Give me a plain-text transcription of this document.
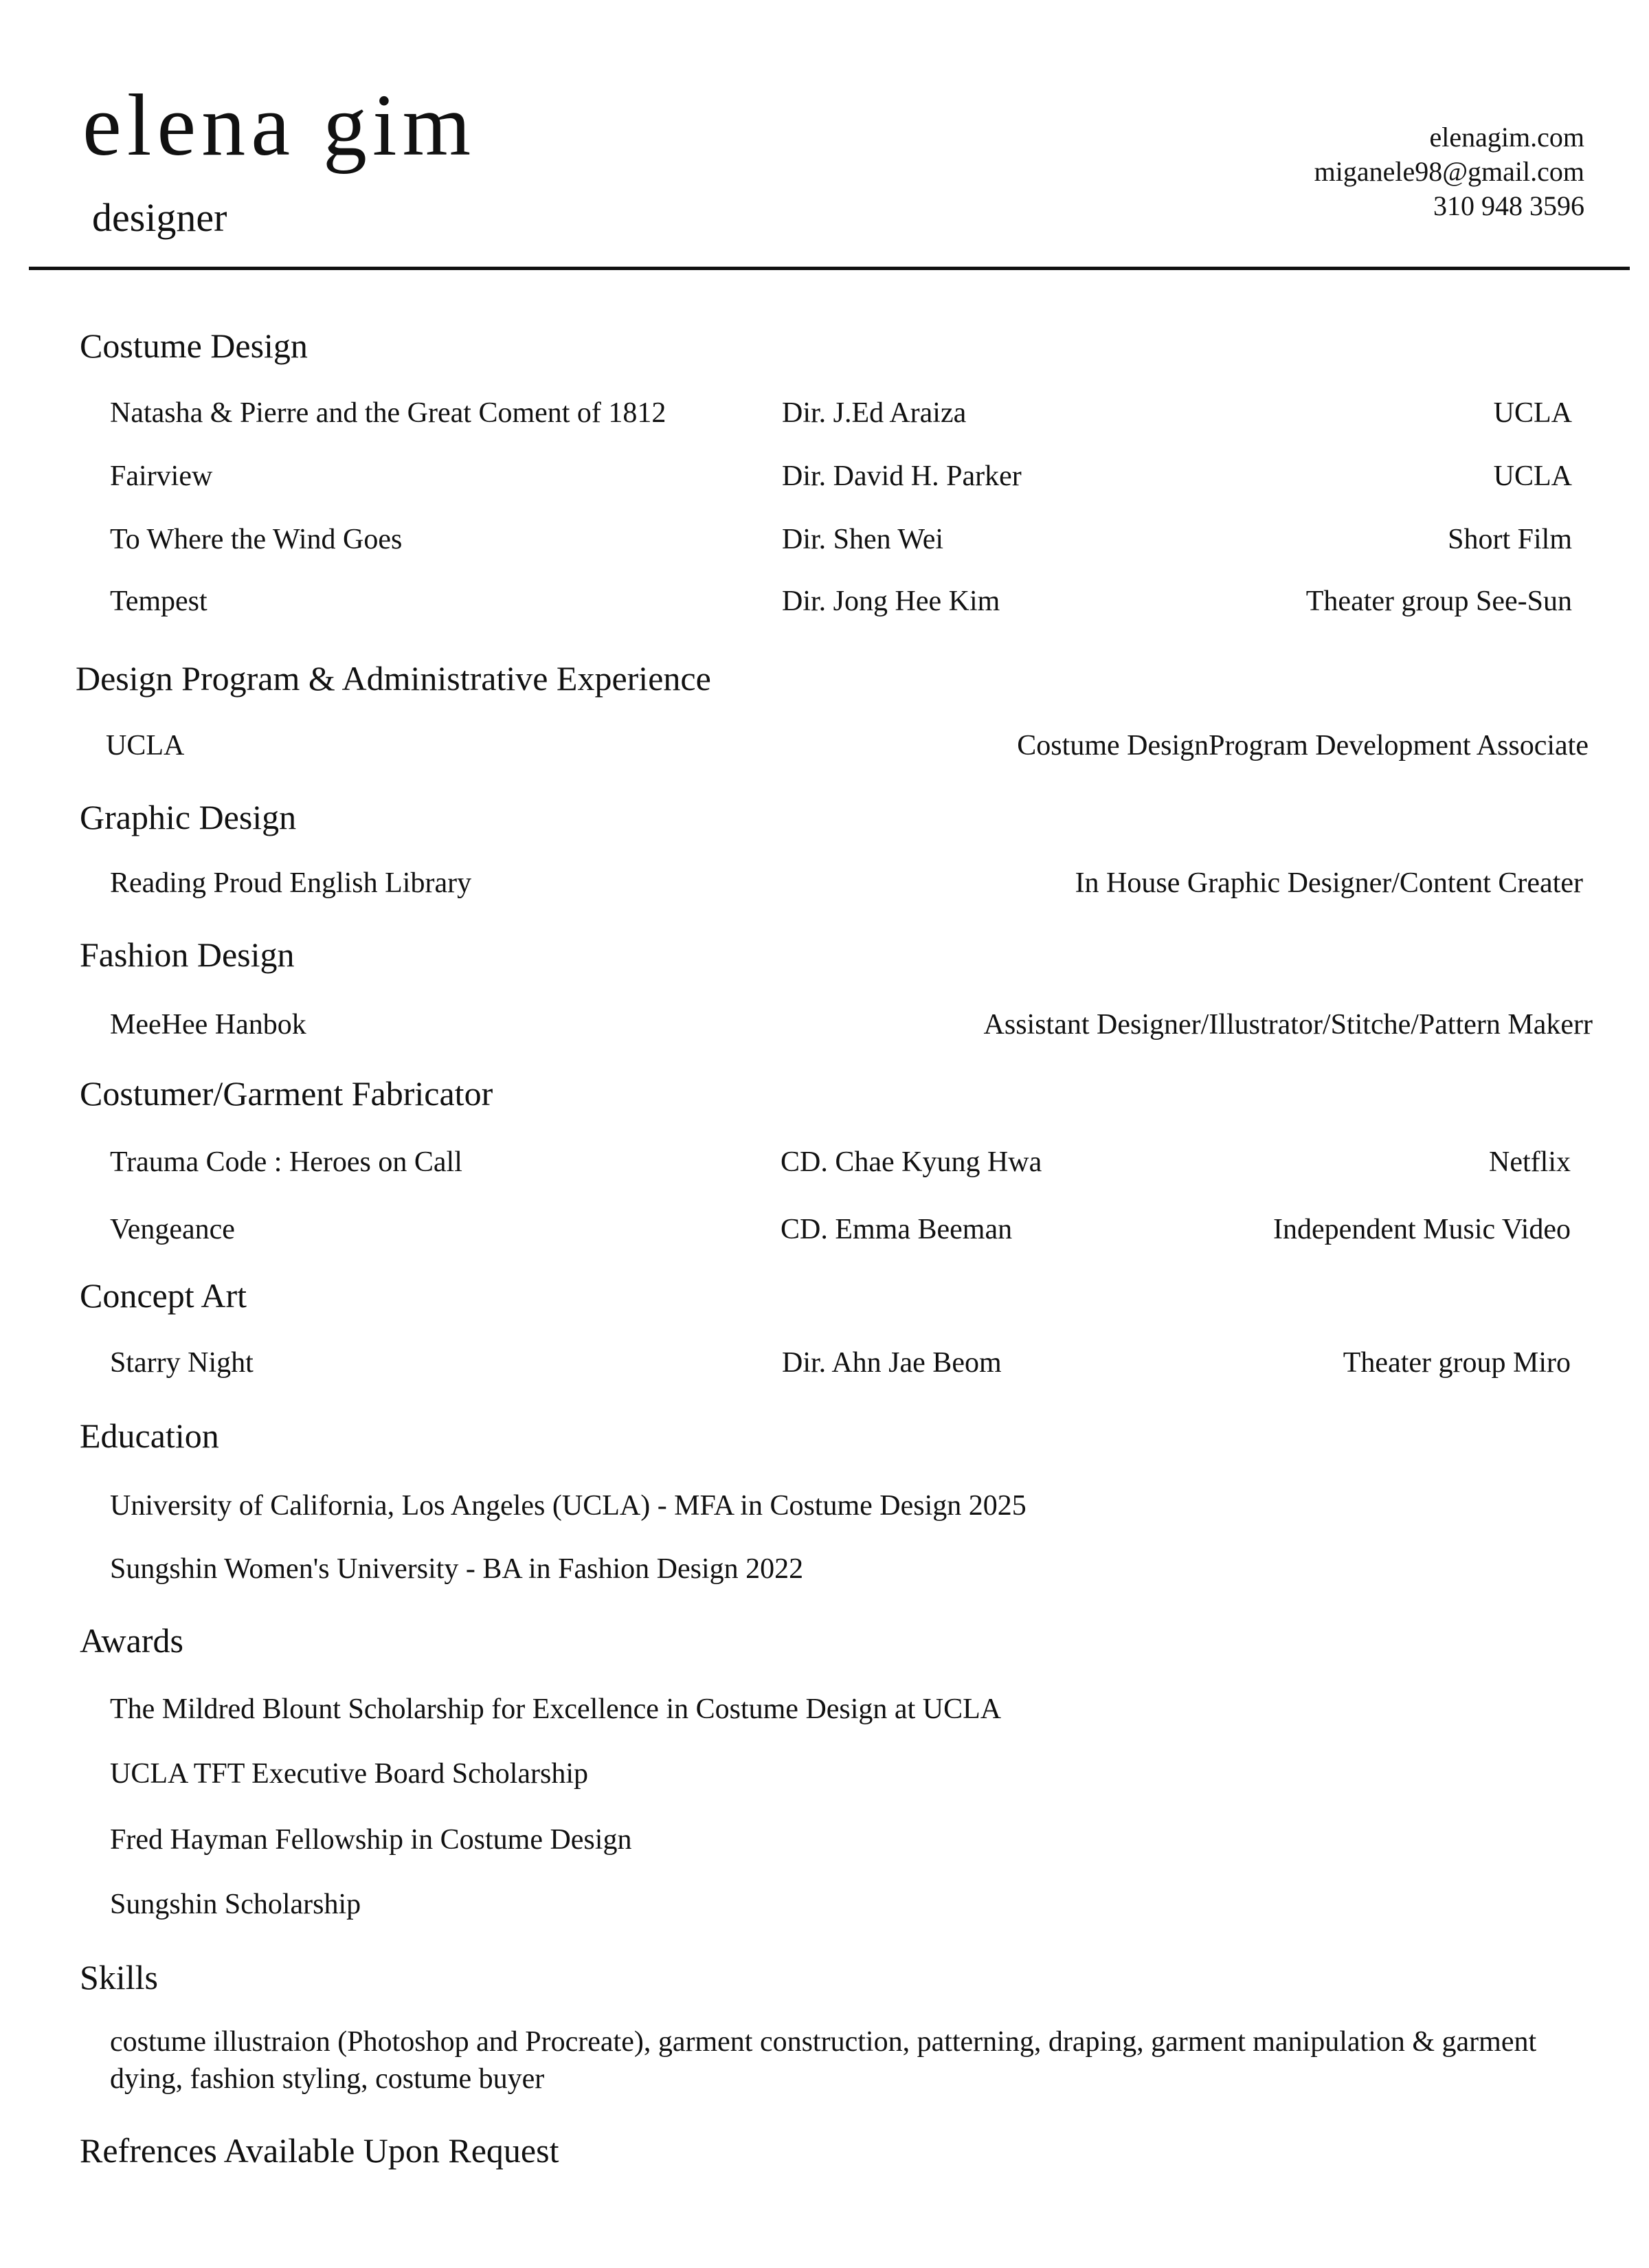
elena gim
designer
elenagim.com
miganele98@gmail.com
310 948 3596
Costume Design
Natasha & Pierre and the Great Coment of 1812	Dir. J.Ed Araiza	UCLA
Fairview	Dir. David H. Parker	UCLA
To Where the Wind Goes	Dir. Shen Wei	Short Film
Tempest	Dir. Jong Hee Kim	Theater group See-Sun
Design Program & Administrative Experience
UCLA	Costume DesignProgram Development Associate
Graphic Design
Reading Proud English Library	In House Graphic Designer/Content Creater
Fashion Design
MeeHee Hanbok	Assistant Designer/Illustrator/Stitche/Pattern Makerr
Costumer/Garment Fabricator
Trauma Code : Heroes on Call	CD. Chae Kyung Hwa	Netflix
Vengeance	CD. Emma Beeman	Independent Music Video
Concept Art
Starry Night	Dir. Ahn Jae Beom	Theater group Miro
Education
University of California, Los Angeles (UCLA) - MFA in Costume Design 2025
Sungshin Women's University - BA in Fashion Design 2022
Awards
The Mildred Blount Scholarship for Excellence in Costume Design at UCLA
UCLA TFT Executive Board Scholarship
Fred Hayman Fellowship in Costume Design
Sungshin Scholarship
Skills
costume illustraion (Photoshop and Procreate), garment construction, patterning, draping, garment manipulation & garment dying, fashion styling, costume buyer
Refrences Available Upon Request
